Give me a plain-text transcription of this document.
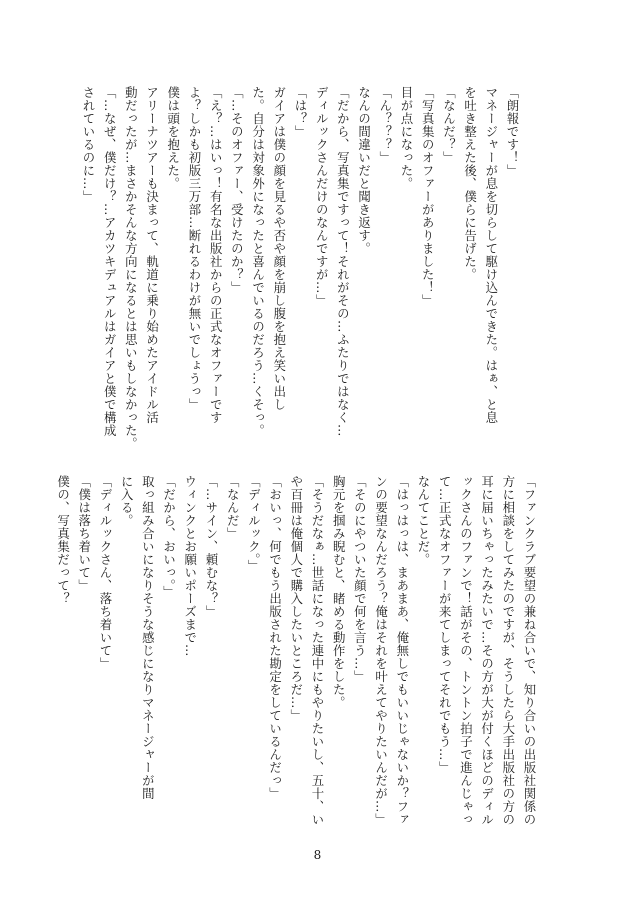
「朗報です！」
マネージャーが息を切らして駆け込んできた。はぁ、と息
を吐き整えた後、僕らに告げた。
「なんだ？」
「写真集のオファーがありました！」
目が点になった。
「ん？？？」
なんの間違いだと聞き返す。
「だから、写真集ですって！それがその…ふたりではなく…
ディルックさんだけのなんですが…」
「は？」
ガイアは僕の顔を見るや否や顔を崩し腹を抱え笑い出し
た。自分は対象外になったと喜んでいるのだろう…くそっ。
「…そのオファー、受けたのか？」
「え？…はいっ！有名な出版社からの正式なオファーです
よ？しかも初版三万部…断れるわけが無いでしょうっ」
僕は頭を抱えた。
アリーナツアーも決まって、軌道に乗り始めたアイドル活
動だったが…まさかそんな方向になるとは思いもしなかった。
「…なぜ、僕だけ？…アカツキデュアルはガイアと僕で構成
されているのに…」
「ファンクラブ要望の兼ね合いで、知り合いの出版社関係の
方に相談をしてみたのですが、そうしたら大手出版社の方の
耳に届いちゃったみたいで…その方が大が付くほどのディル
ックさんのファンで！話がその、トントン拍子で進んじゃっ
て…正式なオファーが来てしまってそれでもう…」
なんてことだ。
「はっはっは、まあまあ、俺無しでもいいじゃないか？ファ
ンの要望なんだろう？俺はそれを叶えてやりたいんだが…」
「そのにやついた顔で何を言う…」
胸元を掴み睨むと、睹める動作をした。
「そうだなぁ…世話になった連中にもやりたいし、五十、い
や百冊は俺個人で購入したいところだ…」
「おいっ、何でもう出版された勘定をしているんだっ」
「ディルック。」
「なんだ」
「…サイン、頼むな？」
ウィンクとお願いポーズまで…
「だから、おいっ。」
取っ組み合いになりそうな感じになりマネージャーが間
に入る。
「ディルックさん、落ち着いて」
「僕は落ち着いて」
僕の、写真集だって？
8
